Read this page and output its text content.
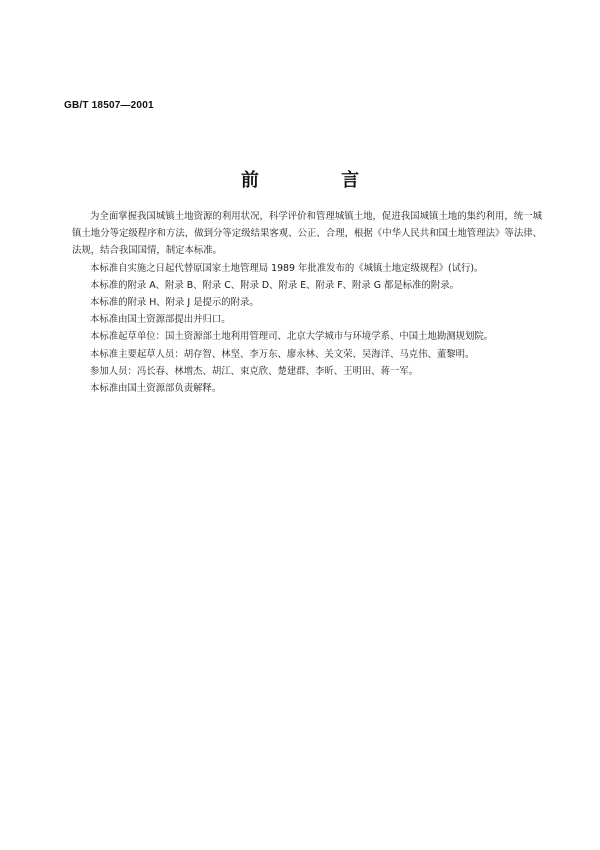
GB/T 18507—2001
前 言

为全面掌握我国城镇土地资源的利用状况，科学评价和管理城镇土地，促进我国城镇土地的集约利用，统一城镇土地分等定级程序和方法，做到分等定级结果客观、公正、合理，根据《中华人民共和国土地管理法》等法律、法规，结合我国国情，制定本标准。

本标准自实施之日起代替原国家土地管理局 1989 年批准发布的《城镇土地定级规程》(试行)。

本标准的附录 A、附录 B、附录 C、附录 D、附录 E、附录 F、附录 G 都是标准的附录。

本标准的附录 H、附录 J 是提示的附录。

本标准由国土资源部提出并归口。

本标准起草单位：国土资源部土地利用管理司、北京大学城市与环境学系、中国土地勘测规划院。

本标准主要起草人员：胡存智、林坚、李万东、廖永林、关文荣、吴海洋、马克伟、董黎明。

参加人员：冯长春、林增杰、胡江、束克欣、楚建群、李昕、王明田、蒋一军。

本标准由国土资源部负责解释。
